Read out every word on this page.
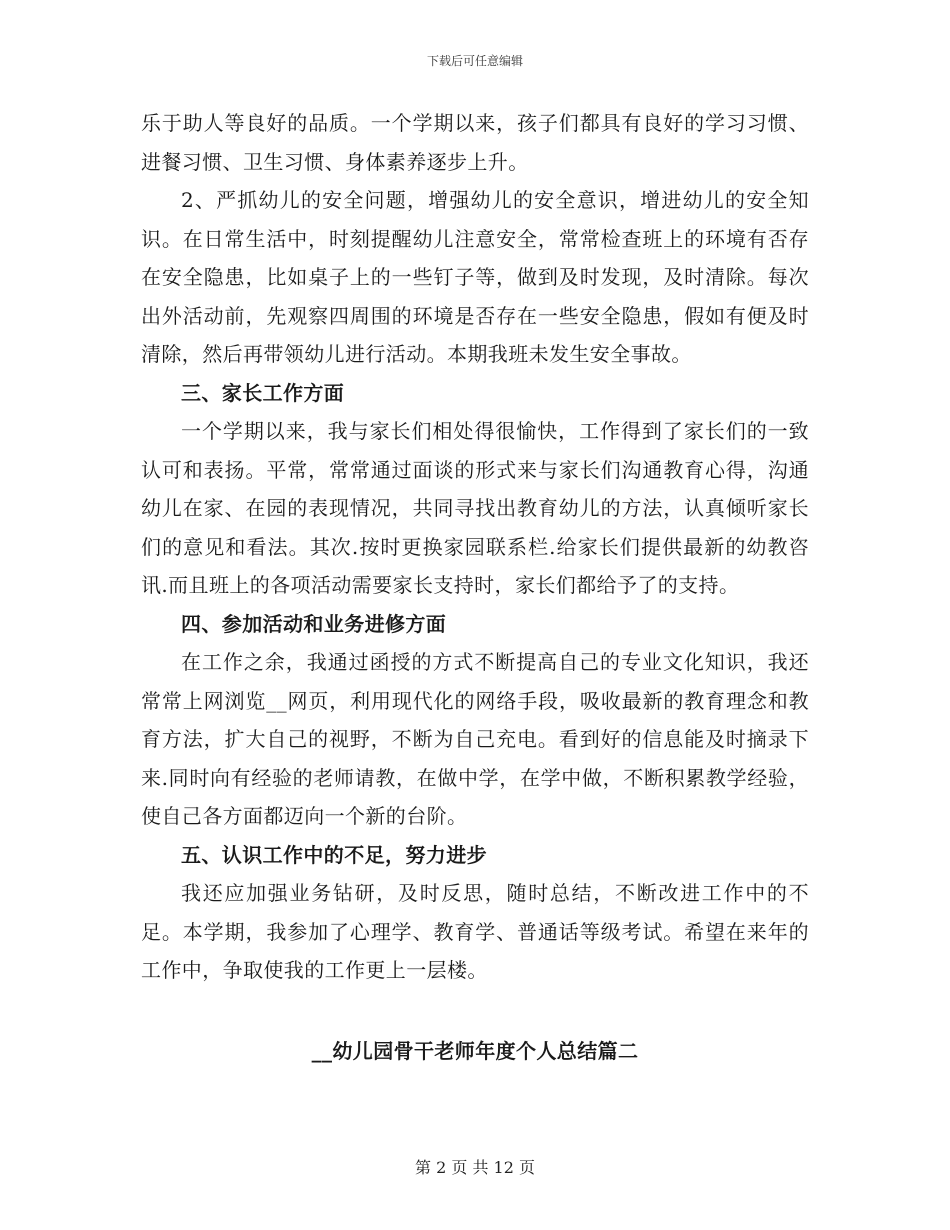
下载后可任意编辑

乐于助人等良好的品质。一个学期以来，孩子们都具有良好的学习习惯、进餐习惯、卫生习惯、身体素养逐步上升。

2、严抓幼儿的安全问题，增强幼儿的安全意识，增进幼儿的安全知识。在日常生活中，时刻提醒幼儿注意安全，常常检查班上的环境有否存在安全隐患，比如桌子上的一些钉子等，做到及时发现，及时清除。每次出外活动前，先观察四周围的环境是否存在一些安全隐患，假如有便及时清除，然后再带领幼儿进行活动。本期我班未发生安全事故。

三、家长工作方面

一个学期以来，我与家长们相处得很愉快，工作得到了家长们的一致认可和表扬。平常，常常通过面谈的形式来与家长们沟通教育心得，沟通幼儿在家、在园的表现情况，共同寻找出教育幼儿的方法，认真倾听家长们的意见和看法。其次.按时更换家园联系栏.给家长们提供最新的幼教咨讯.而且班上的各项活动需要家长支持时，家长们都给予了的支持。

四、参加活动和业务进修方面

在工作之余，我通过函授的方式不断提高自己的专业文化知识，我还常常上网浏览__网页，利用现代化的网络手段，吸收最新的教育理念和教育方法，扩大自己的视野，不断为自己充电。看到好的信息能及时摘录下来.同时向有经验的老师请教，在做中学，在学中做，不断积累教学经验，使自己各方面都迈向一个新的台阶。

五、认识工作中的不足，努力进步

我还应加强业务钻研，及时反思，随时总结，不断改进工作中的不足。本学期，我参加了心理学、教育学、普通话等级考试。希望在来年的工作中，争取使我的工作更上一层楼。

__幼儿园骨干老师年度个人总结篇二
第 2 页 共 12 页
